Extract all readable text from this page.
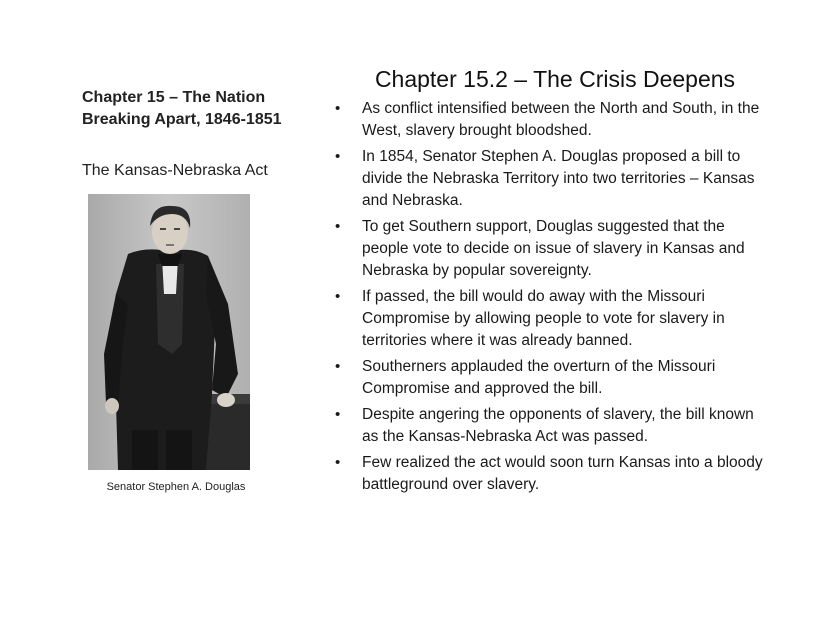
Chapter 15 – The Nation Breaking Apart, 1846-1851
The Kansas-Nebraska Act
Senator Stephen A. Douglas
Chapter 15.2 – The Crisis Deepens
• As conflict intensified between the North and South, in the West, slavery brought bloodshed.
• In 1854, Senator Stephen A. Douglas proposed a bill to divide the Nebraska Territory into two territories – Kansas and Nebraska.
• To get Southern support, Douglas suggested that the people vote to decide on issue of slavery in Kansas and Nebraska by popular sovereignty.
• If passed, the bill would do away with the Missouri Compromise by allowing people to vote for slavery in territories where it was already banned.
• Southerners applauded the overturn of the Missouri Compromise and approved the bill.
• Despite angering the opponents of slavery, the bill known as the Kansas-Nebraska Act was passed.
• Few realized the act would soon turn Kansas into a bloody battleground over slavery.
